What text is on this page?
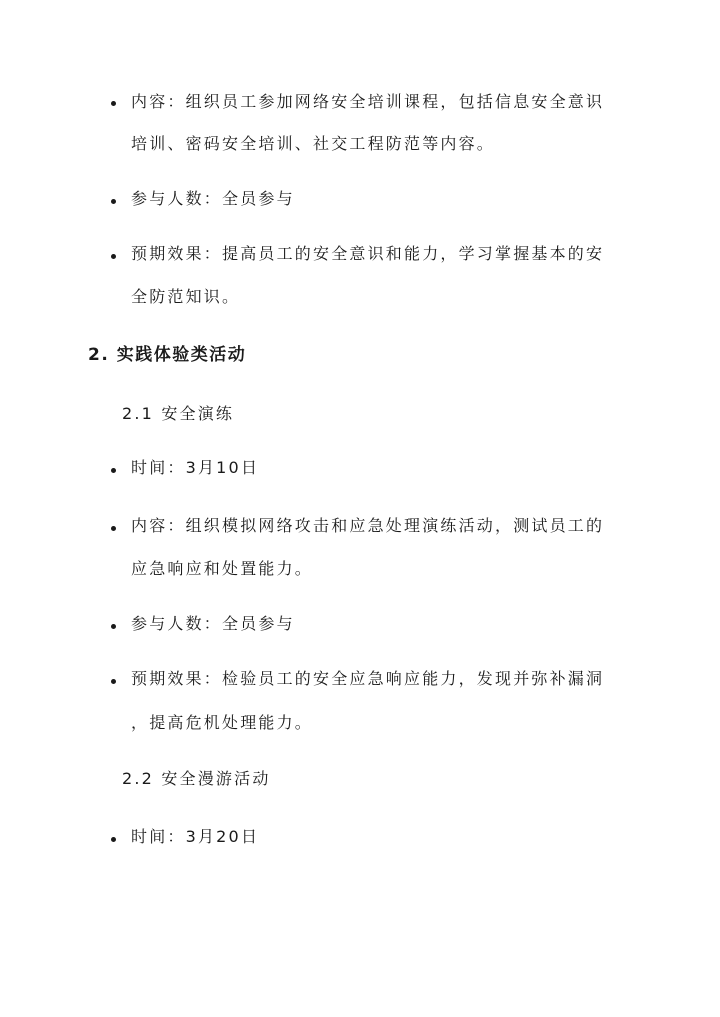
内容：组织员工参加网络安全培训课程，包括信息安全意识
培训、密码安全培训、社交工程防范等内容。
参与人数：全员参与
预期效果：提高员工的安全意识和能力，学习掌握基本的安
全防范知识。
2. 实践体验类活动
2.1 安全演练
时间：3月10日
内容：组织模拟网络攻击和应急处理演练活动，测试员工的
应急响应和处置能力。
参与人数：全员参与
预期效果：检验员工的安全应急响应能力，发现并弥补漏洞
，提高危机处理能力。
2.2 安全漫游活动
时间：3月20日
